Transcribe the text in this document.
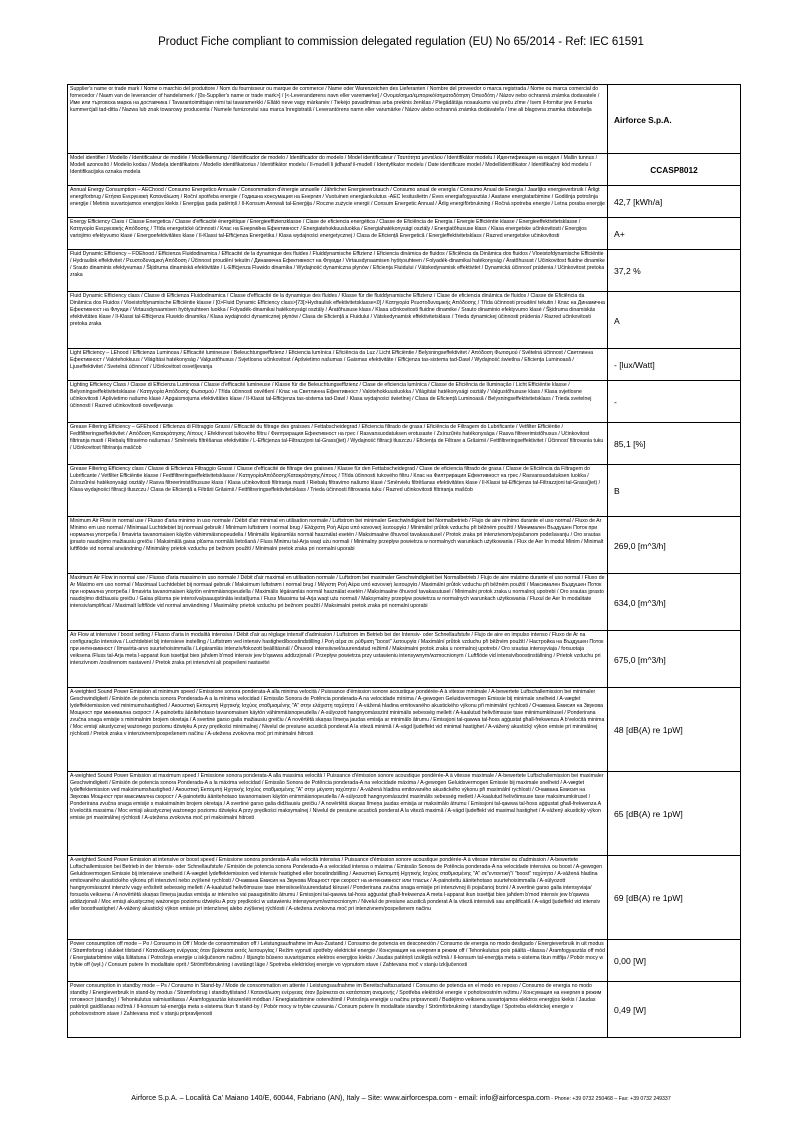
Product Fiche compliant to commission delegated regulation (EU) No 65/2014 - Ref: IEC 61591
Supplier's name or trade mark / Nome o marchio del produttore / Nom du fournisseur ou marque de commerce / Name oder Warenzeichen des Lieferanten / Nombre del proveedor o marca registrada / Nome ou marca comercial do fornecedor / Naam van de leverancier of handelsmerk / [0s-Supplier's name or trade mark>] / [<-Leverandørens navn eller varemærke] / Ονομα/σημα/εμπορικό/σηματοδότηση Οπεοδότη / Názov nebo ochranná známka dodavatele / Име или търговска марка на доставчика / Tavarantoimittajan nimi tai tavaramerkki / Ellátó neve vagy márkanév / Tiekėjo pavadinimas arba prekinis ženklas / Piegādātāja nosaukums vai preču zīme / Isem il-fornitur jew il-marka kummerċjali tad-ditta / Nazwa lub znak towarowy producenta / Numele furnizorului sau marca înregistrată / Leverantörens namn eller varumärke / Názov alebo ochranná známka dodávateľa / Ime ali blagovna znamka dobavitelja	Airforce S.p.A.
Model identifier / Modello / Identificateur de modèle / Modellkennung / Identificador de modelo / Identificador do modelo / Model identificateur / Ταυτότητα μοντέλου / Identifikátor modelu / Идентификация на модел / Mallin tunnus / Modell azonosító / Modelio kodas / Modeļa identifikators / Modello identifikatorius / Identifikátor modelu / Il-mudell li jidħaraf il-mudell / Identyfikator modelu / Date identificare model / Modellidentifikator / Identifikačný kód modelu / Identifikacijska oznaka modela	CCASP8012
Annual Energy Consumption – AEChood / Consumo Energetico Annuale / Consommation d'énergie annuelle / Jährlicher Energieverbrauch / Consumo anual de energía / Consumo Anual de Energia / Jaarlijks energieverbruik / Årligt energiforbrug / Ετήσια Ενεργειακή Κατανάλωση / Roční spotřeba energie / Годишна консумация на Енергия / Vuotuinen energiankulutus -AEC Iesitusliettn / Éves energiafogyasztás / Aastane energiatarbimine / Godišnja potrošnja energije / Metinis suvartojamos energijos kiekis / Energijas gada patēriņš / Il-Konsum Annwali tal-Enerġija / Roczne zużycie energii / Consum Energetic Annual / Årlig energiförbrukning / Ročná spotreba energie / Letna poraba energije	42,7 [kWh/a]
Energy Efficiency Class / Classe Energetica / Classe d'efficacité énergétique / Energieeffizienzklasse / Clase de eficiencia energética / Classe de Eficiência de Energia / Energie Efficiëntie klasse / Energieeffektivitetsklasse / Κατηγορία Ενεργειακής Απόδοσης / Třída energetické účinnosti / Клас на Енергийна Ефективност / Energiatehokkuusluokka / Energiahatékonysági osztály / Energiatõhususe klass / Klasa energetske učinkovitosti / Energijos vartojimo efektyvumo klasė / Energoefektivitātes klase / Il-Klassi tal-Effiċjenza Enerġetika / Klasa wydajności energetycznej / Clasa de Eficiență Energetică / Energieffektivitetsklass / Razred energetske učinkovitosti	A+
Fluid Dynamic Efficiency – FDEhood / Efficienza Fluidodinamica / Efficacité de la dynamique des fluides / Fluiddynamische Effizienz / Eficiencia dinámica de fluidos / Eficiência da Dinâmica dos fluidos / Vloeistofdynamische Efficiëntie / Hydraulisk effektivitet / Ρευστοδυναμική Απόδοση / Účinnost proudění tekutin / Динамична Ефективност на Флуиди / Virtausdynaamisen hyötysuhteen / Folyadék-dinamikai hatékonyság / Áratõhusust / Učinkovitost fluidne dinamike / Srauto dinaminis efektyvumas / Šķidruma dinamiskā efektivitāte / L-Effiċjenza Fluwido dinamika / Wydajność dynamiczna płynów / Eficiența Fluidului / Vätskedynamisk effektivitet / Dynamická účinnosť prúdenia / Učinkovitost pretoka zraka	37,2 %
Fluid Dynamic Efficiency class / Classe di Efficienza Fluidodinamica / Classe d'efficacité de la dynamique des fluides / Klasse für die fluiddynamische Effizienz / Clase de eficiencia dinámica de fluidos / Classe de Eficiência da Dinâmica dos Fluidos / Vloeistofdynamische Efficiëntie klasse / [0>Fluid Dynamic Efficiency class>]73[>Hydraulisk effektivitetsklasse<0] / Κατηγορία Ρευστοδυναμικής Απόδοσης / Třída účinnosti proudění tekutin / Клас на Динамична Ефективност на Флуиди / Virtausdynaamisen hyötysuhteen luokka / Folyadék-dinamikai hatékonysági osztály / Áratõhususe klass / Klasa učinkovitosti fluidne dinamike / Srauto dinaminio efektyvumo klasė / Šķidruma dinamiskās efektivitātes klase / Il-Klassi tal-Effiċjenza Fluwido dinamika / Klasa wydajności dynamicznej płynów / Clasa de Eficiență a Fluidului / Vätskedynamisk effektivitetsklass / Trieda dynamickej účinnosti prúdenia / Razred učinkovitosti pretoka zraka	A
Light Efficiency – LEhood / Efficienza Luminosa / Efficacité lumineuse / Beleuchtungseffizienz / Eficiencia lumínica / Eficiência da Luz / Licht Efficiëntie / Belysningseffektivitet / Απόδοση Φωτισμού / Světelná účinnost / Светлинна Ефективност / Valotehokkuus / Világítási hatékonyság / Valgustõhusus / Svjetlosna učinkovitost / Apšvietimo našumas / Gaismas efektivitāte / Effiċjenza tas-sistema tad-Dawl / Wydajność świetlna / Eficiența Luminoasă / Ljuseffektivitet / Svetelná účinnosť / Učinkovitost osvetljevanja	- [lux/Watt]
Lighting Efficiency Class / Classe di Efficienza Luminosa / Classe d'efficacité lumineuse / Klasse für die Beleuchtungseffizienz / Clase de eficiencia lumínica / Classe de Eficiência de Iluminação / Licht Efficiëntie klasse / Belysningseffektivitetsklasse / Κατηγορία Απόδοσης Φωτισμού / Třída účinnosti osvětlení / Клас на Светлинна Ефективност / Valotehokkuusluokka / Világítási hatékonysági osztály / Valgustõhususe klass / Klasa svjetlosne učinkovitosti / Apšvietimo našumo klasė / Apgaismojuma efektivitātes klase / Il-Klassi tal-Effiċjenza tas-sistema tad-Dawl / Klasa wydajności świetlnej / Clasa de Eficiență Luminoasă / Belysningseffektivitetsklass / Trieda svetelnej účinnosti / Razred učinkovitosti osvetljevanja	-
Grease Filtering Efficiency – GFEhood / Efficienza di Filtraggio Grassi / Efficacité du filtrage des graisses / Fettabscheidegrad / Eficiencia filtrado de grasa / Eficiência de Filtragem do Lubrificante / Vetfilter Efficiëntie / Fedtfiltreringseffektivitet / Απόδοση Κατακράτησης Λίπους / Efektivnost tukového filtru / Филтрирация Ефективност на грес / Rasvansuodatuksen erotusaste / Zsírszűrés hatékonysága / Rasva filtreerimistõhusus / Učinkovitost filtriranja masti / Riebalų filtravimo našumas / Smērvielu filtrēšanas efektivitāte / L-Effiċjenza tal-Filtrazzjoni tal-Grass(jiet) / Wydajność filtracji tłuszczu / Eficiența de Filtrare a Grăsimii / Fettfiltreringseffektivitet / Účinnosť filtrovania tuku / Učinkovitost filtriranja maščob	85,1 [%]
Grease Filtering Efficiency class / Classe di Efficienza Filtraggio Grassi / Classe d'efficacité de filtrage des graisses / Klasse für den Fettabscheidegrad / Clase de eficiencia filtrado de grasa / Classe de Eficiência da Filtragem do Lubrificante / Vetfilter Efficiëntie klasse / Fedtfiltreringseffektivitetsklasse / ΚατηγορίαΑπόδοσηςΚατακράτησηςΛίπους / Třída účinnosti tukového filtru / Клас на Филтрирация Ефективност на грес / Rasvansuodatuksen luokka / Zsírszűrési hatékonysági osztály / Rasva filtreerimistõhususe klass / Klasa učinkovitosti filtriranja masti / Riebalų filtravimo našumo klasė / Smērvielu filtrēšanas efektivitātes klase / Il-Klassi tal-Effiċjenza tal-Filtrazzjoni tal-Grass(jiet) / Klasa wydajności filtracji tłuszczu / Clasa de Eficiență a Filtrării Grăsimii / Fettfiltreringseffektivitetsklass / Trieda účinnosti filtrovania tuku / Razred učinkovitosti filtriranja maščob	B
Minimum Air Flow in normal use / Flusso d'aria minimo in uso normale / Débit d'air minimal en utilisation normale / Luftstrom bei minimaler Geschwindigkeit bei Normalbetrieb / Flujo de aire mínimo durante el uso normal / Fluxo de Ar Mínimo em uso normal / Minimaal Luchtdebiet bij normaal gebruik / Minimum luftstrøm i normal brug / Ελάχιστη Ροή Αέρα υπό κανονική λειτουργία / Minimální průtok vzduchu při běžném použití / Минимален Въздушен Поток при нормална употреба / Ilmavirta tavanomaisen käytön vähimmäisnopeudella / Minimális légáramlás normál használat esetén / Maksimaalne õhuvool tavakasutusel / Protok zraka pri intenzivnom/pojačanom podešavanju / Oro srautas įprasto naudojimo mažiausiu greičiu / Maksimālā gaisa plūsma normālā lietošanā / Fluss Minimu tal-Arja waqt użu normali / Minimalny przepływ powietrza w normalnych warunkach użytkowania / Flux de Aer în modul Minim / Minimalt luftflöde vid normal användning / Minimálny prietok vzduchu pri bežnom použití / Minimalni pretok zraka pri normalni uporabi	269,0 [m^3/h]
Maximum Air Flow in normal use / Flusso d'aria massimo in uso normale / Débit d'air maximal en utilisation normale / Luftstrom bei maximaler Geschwindigkeit bei Normalbetrieb / Flujo de aire máximo durante el uso normal / Fluxo de Ar Máximo em uso normal / Maximaal Luchtdebiet bij normaal gebruik / Maksimum luftstrøm i normal brug / Μέγιστη Ροή Αέρα υπό κανονική λειτουργία / Maximální průtok vzduchu při běžném použití / Максимален Въздушен Поток при нормална употреба / Ilmavirta tavanomaisen käytön enimmäisnopeudella / Maximális légáramlás normál használat esetén / Maksimaalne õhuvool tavakasutusel / Minimalni protok zraka u normalnoj upotrebi / Oro srautas įprasto naudojimo didžiausiu greičiu / Gaisa plūsma pie intensīva/paaugstināta iestatījuma / Fluss Massimu tal-Arja waqt użu normali / Maksymalny przepływ powietrza w normalnych warunkach użytkowania / Fluxul de Aer în modalitate intensiv/amplificat / Maximalt luftflöde vid normal användning / Maximálny prietok vzduchu pri bežnom použití / Maksimalni pretok zraka pri normalni uporabi	634,0 [m^3/h]
Air Flow at intensive / boost setting / Flusso d'aria in modalità intensiva / Débit d'air au réglage intensif d'admission / Luftstrom im Betrieb bei der Intensiv- oder Schnellaufstufe / Flujo de aire en impulso intenso / Fluxo de Ar na configuração intensiva / Luchtdebiet bij intensieve instelling / Luftstrøm ved intensiv hastighed/boostindstilling / Ροή αέρα σε ρύθμιση "boost" λειτουργία / Maximální průtok vzduchu při běžném použití / Настройка на Въздушен Поток при интензивност / Ilmavirta-arvo suurtehoisimmalla / Légáramlás intenzív/fokozott beállításnál / Õhuvool intensiivsel/suurendatud režiimil / Maksimalni protok zraka u normalnoj upotrebi / Oro srautas intensyviaja / forsuotaja veiksena /Fluss tal-Arja meta l-apparat ikun issettjat biex jaħdem b'mod intensiv jew b'qawwa addizzjonali / Przepływ powietrza przy ustawieniu intensywnym/wzmocnionym / Luftflöde vid intensiv/boostinställning / Prietok vzduchu pri intenzívnom /zosilnenom nastavení / Pretok zraka pri intenzivni ali pospešeni nastavitvi	675,0 [m^3/h]
A-weighted Sound Power Emission at minimum speed / Emissione sonora ponderata-A alla minima velocità / Puissance d'émission sonore acoustique pondérée-A à vitesse minimale / A-bewertete Luftschallemission bei minimaler Geschwindigkeit / Emisión de potencia sonora Ponderada-A a la mínima velocidad / Emissão Sonora de Potência ponderada-A na velocidade mínima / A-gewogen Geluidsvermogen Emissie bij minimale snelheid / A-vægtet lydeffektemission ved minimumshastighed / Ακουστική Εκπομπή Ηχητικής Ισχύος σταθμισμένης "A" στην ελάχιστη ταχύτητα / A-vážená hladina emitovaného akustického výkonu při minimální rychlosti / Очаквана Емисия на Звукова Мощност при минимална скорост / A-painotettu äänitehotaso tavanomaisen käytön vähimmäisnopeudella / A-súlyozott hangnyomásszint minimális sebesség mellett / A-kaalutud helivõimsuse tase miinimumkiirusel / Ponderirana zvučna snaga emisije s minimalnim brojem okretaja / A svertinė garso galia mažiausiu greičiu / A novērtētā skaņas līmeņa jaudas emisija ar minimālo ātrumu / Emissjoni tal-qawwa tal-ħoss aġġustat għall-frekwenza A b'veloċità minima / Moc emisji akustycznej ważonego poziomu dźwięku A przy prędkości minimalnej / Nivelul de presiune acustică ponderat A la viteză minimă / A-vägd ljudeffekt vid minimal hastighet / A-vážený akustický výkon emisie pri minimálnej rýchlosti / Pretok zraka v intenzivnem/pospešenem načinu / A-utežena zvokovna moč pri minimalni hitrosti	48 [dB(A) re 1pW]
A-weighted Sound Power Emission at maximum speed / Emissione sonora ponderata-A alla massima velocità / Puissance d'émission sonore acoustique pondérée-A à vitesse maximale / A-bewertete Luftschallemission bei maximaler Geschwindigkeit / Emisión de potencia sonora Ponderada-A a la máxima velocidad / Emissão Sonora de Potência ponderada-A na velocidade máxima / A-gewogen Geluidsvermogen Emissie bij maximale snelheid / A-vægtet lydeffektemission ved maksimumshastighed / Ακουστική Εκπομπή Ηχητικής Ισχύος σταθμισμένης "A" στην μέγιστη ταχύτητα / A-vážená hladina emitovaného akustického výkonu při maximální rychlosti / Очаквана Емисия на Звукова Мощност при максимална скорост / A-painotettu äänitehotaso tavanomaisen käytön enimmäisnopeudella / A-súlyozott hangnyomásszint maximális sebesség mellett / A-kaalutud helivõimsuse tase maksimumkiirusel / Ponderirana zvučna snaga emisije s maksimalnim brojem okretaja / A svertinė garso galia didžiausiu greičiu / A novērtētā skaņas līmeņa jaudas emisija ar maksimālo ātrumu / Emissjoni tal-qawwa tal-ħoss aġġustat għall-frekwenza A b'veloċità massima / Moc emisji akustycznej ważonego poziomu dźwięku A przy prędkości maksymalnej / Nivelul de presiune acustică ponderat A la viteză maximă / A-vägd ljudeffekt vid maximal hastighet / A-vážený akustický výkon emisie pri maximálnej rýchlosti / A-utežena zvokovna moč pri maksimalni hitrosti	65 [dB(A) re 1pW]
A-weighted Sound Power Emission at intensive or boost speed / Emissione sonora ponderata-A alla velocità intensiva / Puissance d'émission sonore acoustique pondérée-A à vitesse intensive ou d'admission / A-bewertete Luftschallemission bei Betrieb in der Intensiv- oder Schnellaufstufe / Emisión de potencia sonora Ponderada-A a velocidad intensa o máxima / Emissão Sonora de Potência ponderada-A na velocidade intensiva ou boost / A-gewogen Geluidsvermogen Emissie bij intensieve snelheid / A-vægtet lydeffektemission ved intensiv hastighed eller boostindstilling / Ακουστική Εκπομπή Ηχητικής Ισχύος σταθμισμένης "A" σε"ενταντική"/ "boost" ταχύτητα / A-vážená hladina emitovaného akustického výkonu při intenzivní nebo zvýšené rychlosti / Очаквана Емисия на Звукова Мощност при скорост на интензивност или тласък / A-painotettu äänitehotaso suurtehoisimmalla / A-súlyozott hangnyomásszint intenzív vagy erősített sebesség mellett / A-kaalutud helivõimsuse tase intensiivsel/suurendatud kiirusel / Ponderirana zvučna snaga emisije pri intenzivnoj ili pojačanoj brzini / A svertinė garso galia intensyviaja/ forsuota veiksena / A novērtētā skaņas līmeņa jaudas emisija ar intensīvo vai paaugstināto ātrumu / Emissjoni tal-qawwa tal-ħoss aġġustat għall-frekwenza A meta l-apparat ikun issettjat biex jaħdem b'mod intensiv jew b'qawwa addizzjonali / Moc emisji akustycznej ważonego poziomu dźwięku A przy prędkości w ustawieniu intensywnym/wzmocnionym / Nivelul de presiune acustică ponderat A la viteză intensivă sau amplificată / A-vägd ljudeffekt vid intensiv eller boosthastighet / A-vážený akustický výkon emisie pri intenzívnej alebo zvýšenej rýchlosti / A-utežena zvokovna moč pri intenzivnem/pospešenem načinu	69 [dB(A) re 1pW]
Power consumption off mode – Po / Consumo in Off / Mode de consommation off / Leistungsaufnahme im Aus-Zustand / Consumo de potencia en desconexión / Consumo de energia no modo desligado / Energieverbruik in uit modus / Strømforbrug i slukket tilstand / Κατανάλωση ενέργειας όταν βρίσκεται εκτός λειτουργίας / Režim vypnutí spotřeby elektrické energie / Консумация на енергия в режим off / Tehonkulutus pois päältä –tilassa / Áramfogyasztás off mód / Energiatarbimine välja lülitatuna / Potrošnja energije u isključenom načinu / Išjungto būseno suvartojamos elektros energijos kiekis / Jaudas patēriņš izslēgtā režīmā / Il-konsum tal-enerġija meta s-sistema tkun mitfija / Pobór mocy w trybie off (wył.) / Consum putere în modalitate oprit / Strömförbrukning i avstängt läge / Spotreba elektrickej energie vo vypnutom stave / Zahtevana moč v stanju izključenosti	0,00 [W]
Power consumption in standby mode – Ps / Consumo in Stand-by / Mode de consommation en attente / Leistungsaufnahme im Bereitschaftszustand / Consumo de potencia en el modo en reposo / Consumo de energia no modo standby / Energieverbruik in stand-by modus / Strømforbrug i standbytilstand / Κατανάλωση ενέργειας όταν βρίσκεται σε κατάσταση αναμονής / Spotřeba elektrické energie v pohotovostním režimu / Консумация на енергия в режим готовност (standby) / Tehonkulutus valmiustilassa / Áramfogyasztás készenléti módban / Energiatarbimine ooterežiimil / Potrošnja energije u načinu pripravnosti / Budėjimo veiksena suvartojamos elektros energijos kiekis / Jaudas patēriņš gaidīšanas režīmā / Il-konsum tal-enerġija meta s-sistema tkun fi stand-by / Pobór mocy w trybie czuwania / Consum putere în modalitate standby / Strömförbrukning i standbyläge / Spotreba elektrickej energie v pohotovostnom stave / Zahtevana moč v stanju pripravljenosti	0,49 [W]
Airforce S.p.A. – Località Ca' Maiano 140/E, 60044, Fabriano (AN), Italy – Site: www.airforcespa.com - email: info@airforcespa.com - Phone: +39 0732 250468 – Fax: +39 0732 249337
